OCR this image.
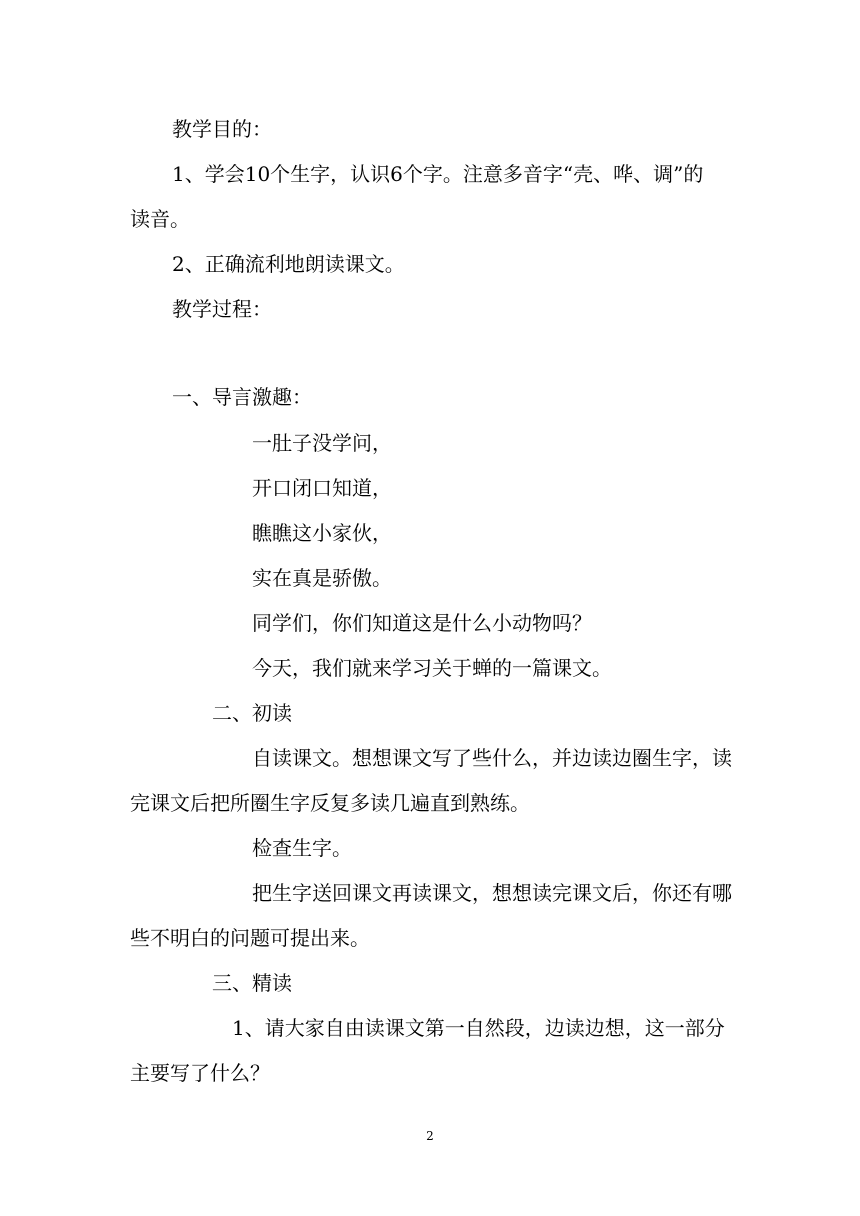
教学目的：

1、学会10个生字，认识6个字。注意多音字“壳、哗、调”的

读音。

2、正确流利地朗读课文。

教学过程：

一、导言激趣：

一肚子没学问，

开口闭口知道，

瞧瞧这小家伙，

实在真是骄傲。

同学们，你们知道这是什么小动物吗？

今天，我们就来学习关于蝉的一篇课文。

二、初读

自读课文。想想课文写了些什么，并边读边圈生字，读

完课文后把所圈生字反复多读几遍直到熟练。

检查生字。

把生字送回课文再读课文，想想读完课文后，你还有哪

些不明白的问题可提出来。

三、精读

1、请大家自由读课文第一自然段，边读边想，这一部分

主要写了什么？

2
